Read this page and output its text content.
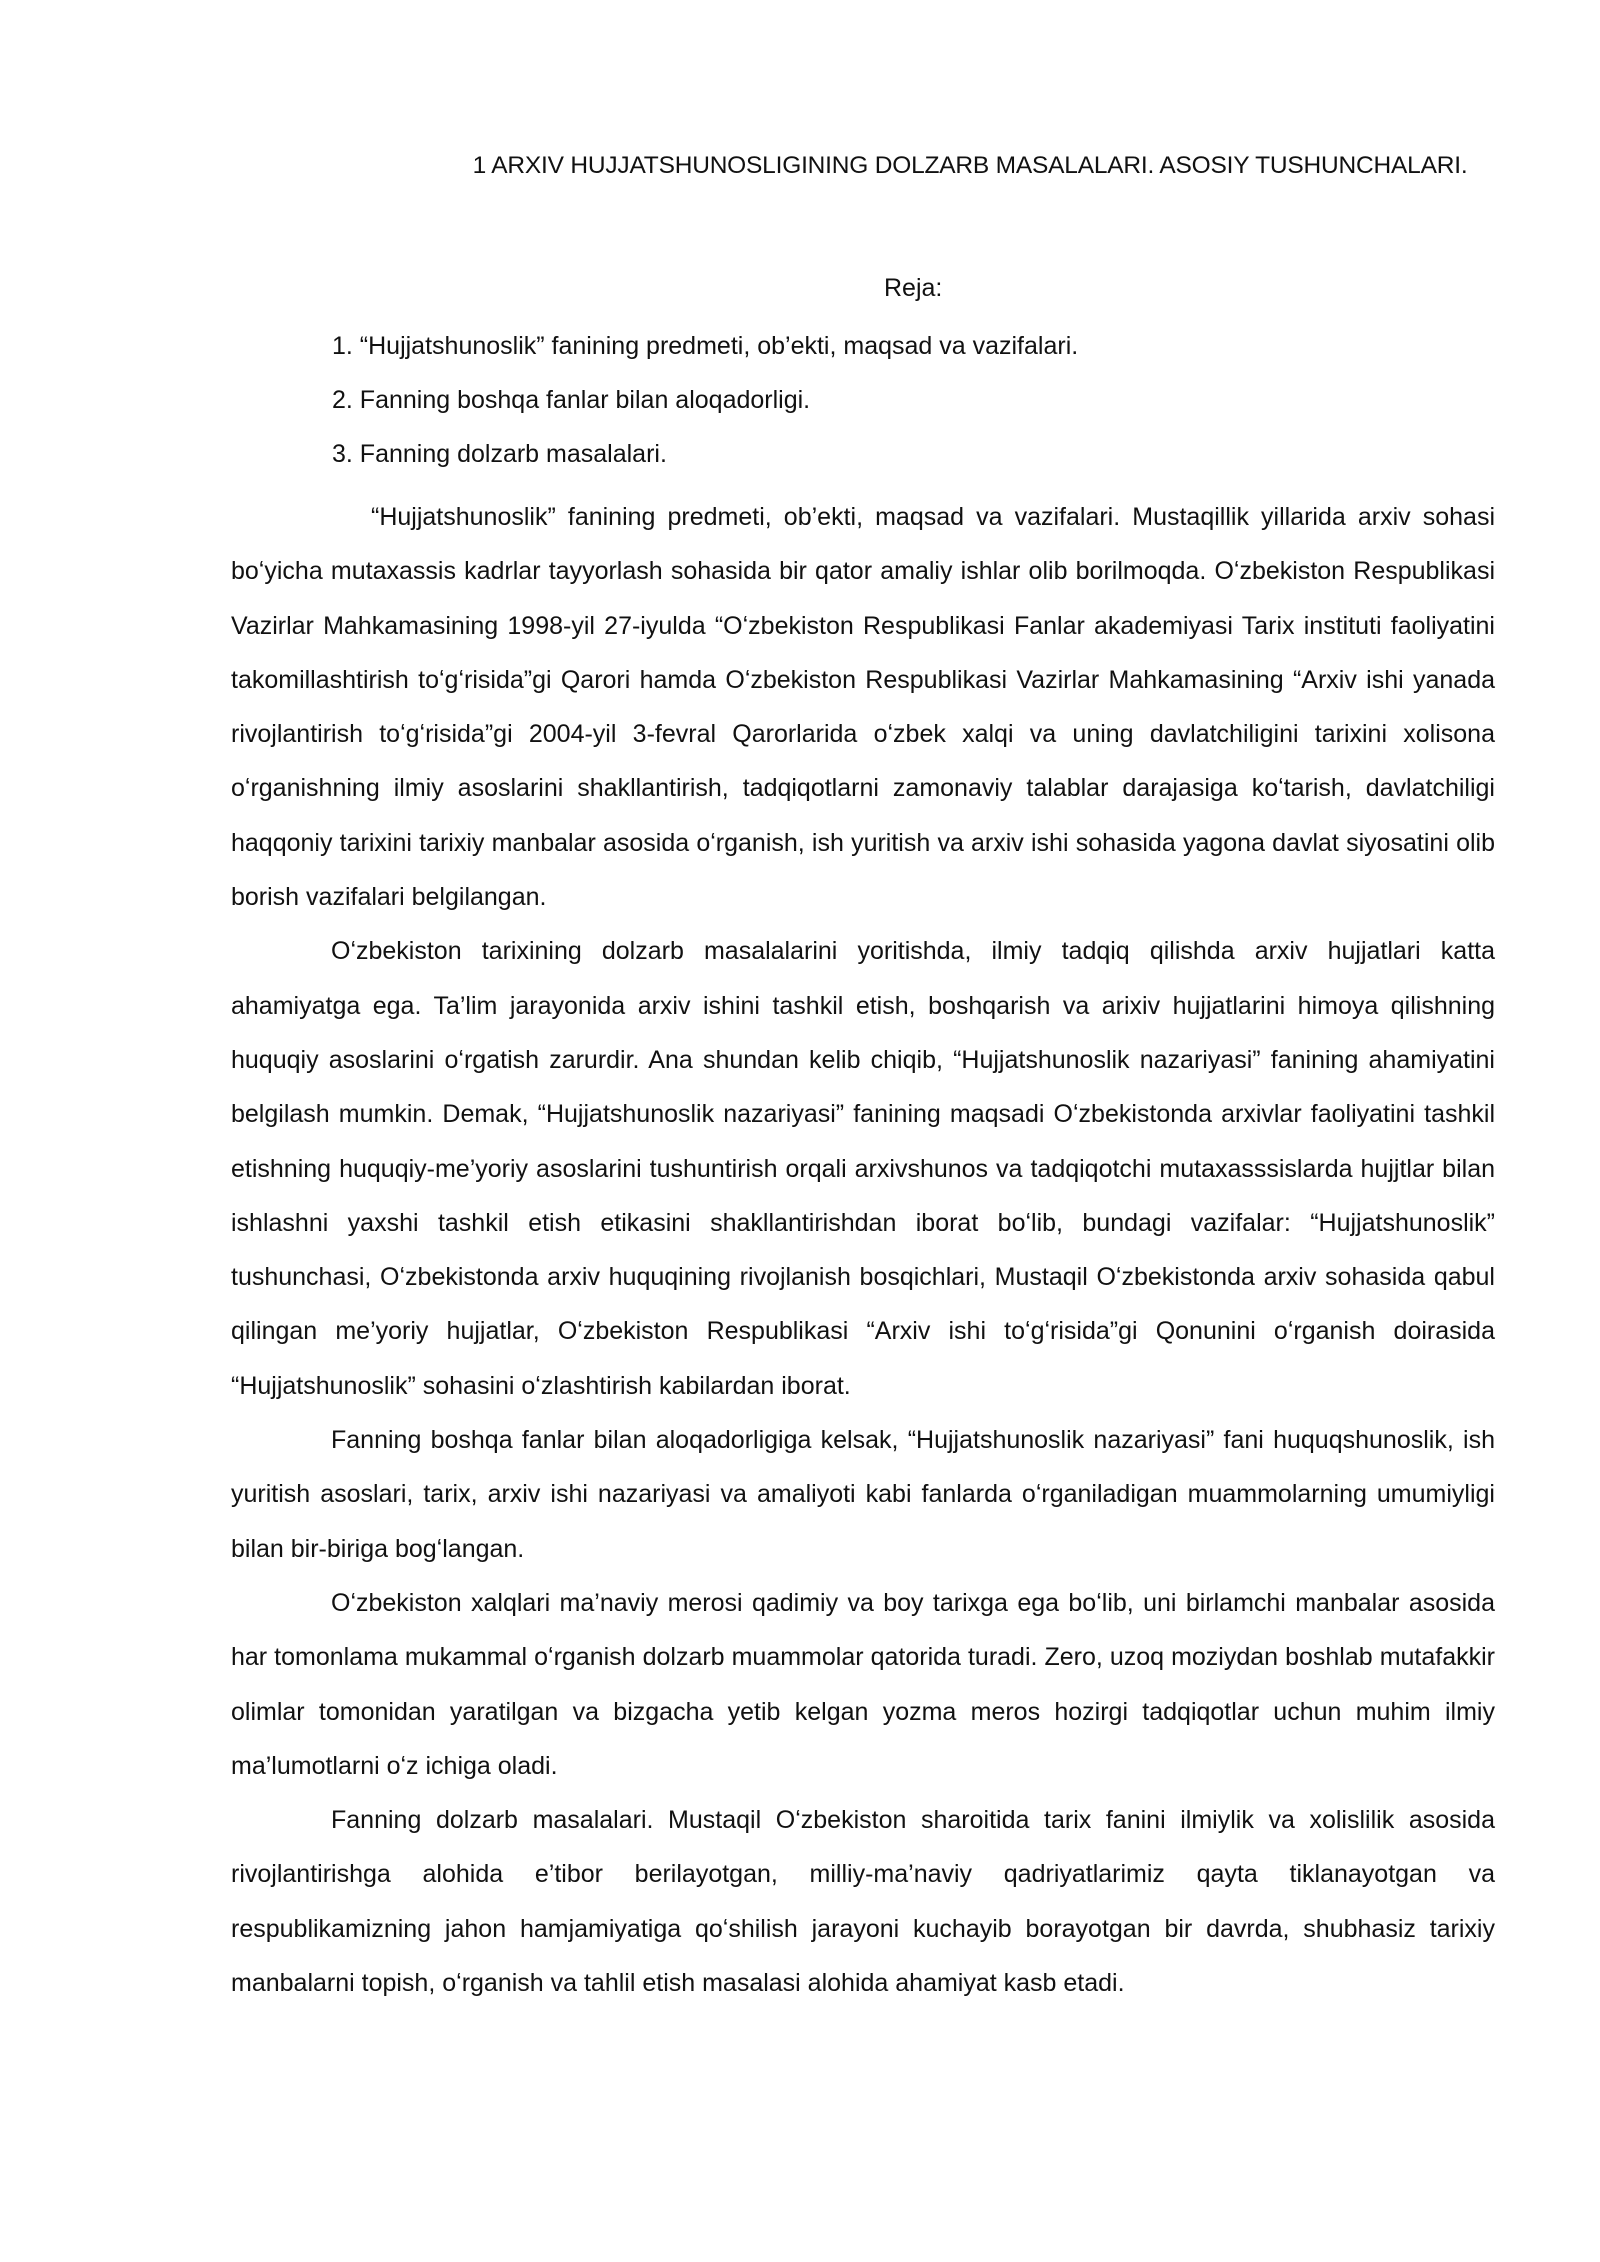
1 ARXIV HUJJATSHUNOSLIGINING DOLZARB MASALALARI. ASOSIY TUSHUNCHALARI.
Reja:
1. “Hujjatshunoslik” fanining predmeti, ob’ekti, maqsad va vazifalari.
2. Fanning boshqa fanlar bilan aloqadorligi.
3. Fanning dolzarb masalalari.

“Hujjatshunoslik” fanining predmeti, ob’ekti, maqsad va vazifalari. Mustaqillik yillarida arxiv sohasi boʻyicha mutaxassis kadrlar tayyorlash sohasida bir qator amaliy ishlar olib borilmoqda. Oʻzbekiston Respublikasi Vazirlar Mahkamasining 1998-yil 27-iyulda “Oʻzbekiston Respublikasi Fanlar akademiyasi Tarix instituti faoliyatini takomillashtirish toʻgʻrisida”gi Qarori hamda Oʻzbekiston Respublikasi Vazirlar Mahkamasining “Arxiv ishi yanada rivojlantirish toʻgʻrisida”gi 2004-yil 3-fevral Qarorlarida oʻzbek xalqi va uning davlatchiligini tarixini xolisona oʻrganishning ilmiy asoslarini shakllantirish, tadqiqotlarni zamonaviy talablar darajasiga koʻtarish, davlatchiligi haqqoniy tarixini tarixiy manbalar asosida oʻrganish, ish yuritish va arxiv ishi sohasida yagona davlat siyosatini olib borish vazifalari belgilangan.

Oʻzbekiston tarixining dolzarb masalalarini yoritishda, ilmiy tadqiq qilishda arxiv hujjatlari katta ahamiyatga ega. Ta’lim jarayonida arxiv ishini tashkil etish, boshqarish va arixiv hujjatlarini himoya qilishning huquqiy asoslarini oʻrgatish zarurdir. Ana shundan kelib chiqib, “Hujjatshunoslik nazariyasi” fanining ahamiyatini belgilash mumkin. Demak, “Hujjatshunoslik nazariyasi” fanining maqsadi Oʻzbekistonda arxivlar faoliyatini tashkil etishning huquqiy-me’yoriy asoslarini tushuntirish orqali arxivshunos va tadqiqotchi mutaxasssislarda hujjtlar bilan ishlashni yaxshi tashkil etish etikasini shakllantirishdan iborat boʻlib, bundagi vazifalar: “Hujjatshunoslik” tushunchasi, Oʻzbekistonda arxiv huquqining rivojlanish bosqichlari, Mustaqil Oʻzbekistonda arxiv sohasida qabul qilingan me’yoriy hujjatlar, Oʻzbekiston Respublikasi “Arxiv ishi toʻgʻrisida”gi Qonunini oʻrganish doirasida “Hujjatshunoslik” sohasini oʻzlashtirish kabilardan iborat.

Fanning boshqa fanlar bilan aloqadorligiga kelsak, “Hujjatshunoslik nazariyasi” fani huquqshunoslik, ish yuritish asoslari, tarix, arxiv ishi nazariyasi va amaliyoti kabi fanlarda oʻrganiladigan muammolarning umumiyligi bilan bir-biriga bogʻlangan.

Oʻzbekiston xalqlari ma’naviy merosi qadimiy va boy tarixga ega boʻlib, uni birlamchi manbalar asosida har tomonlama mukammal oʻrganish dolzarb muammolar qatorida turadi. Zero, uzoq moziydan boshlab mutafakkir olimlar tomonidan yaratilgan va bizgacha yetib kelgan yozma meros hozirgi tadqiqotlar uchun muhim ilmiy ma’lumotlarni oʻz ichiga oladi.

Fanning dolzarb masalalari. Mustaqil Oʻzbekiston sharoitida tarix fanini ilmiylik va xolislilik asosida rivojlantirishga alohida e’tibor berilayotgan, milliy-ma’naviy qadriyatlarimiz qayta tiklanayotgan va respublikamizning jahon hamjamiyatiga qoʻshilish jarayoni kuchayib borayotgan bir davrda, shubhasiz tarixiy manbalarni topish, oʻrganish va tahlil etish masalasi alohida ahamiyat kasb etadi.
